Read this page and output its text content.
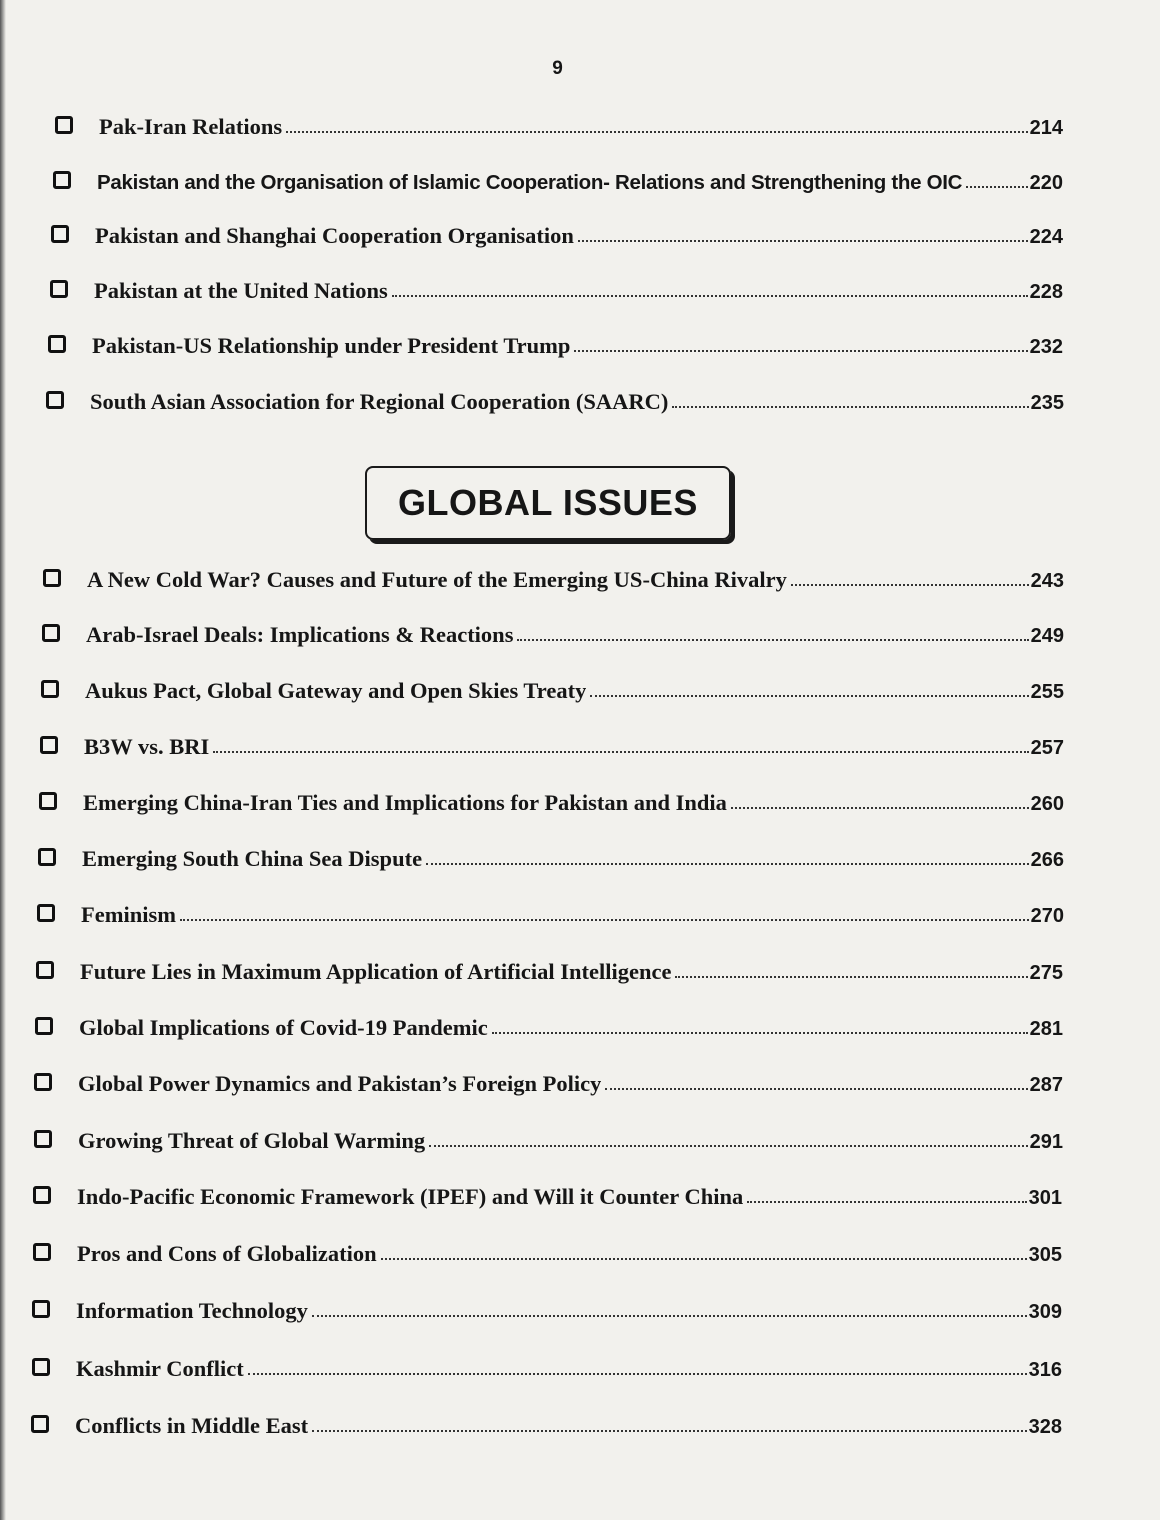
9
Pak-Iran Relations	214
Pakistan and the Organisation of Islamic Cooperation- Relations and Strengthening the OIC	220
Pakistan and Shanghai Cooperation Organisation	224
Pakistan at the United Nations	228
Pakistan-US Relationship under President Trump	232
South Asian Association for Regional Cooperation (SAARC)	235
GLOBAL ISSUES
A New Cold War? Causes and Future of the Emerging US-China Rivalry	243
Arab-Israel Deals: Implications & Reactions	249
Aukus Pact, Global Gateway and Open Skies Treaty	255
B3W vs. BRI	257
Emerging China-Iran Ties and Implications for Pakistan and India	260
Emerging South China Sea Dispute	266
Feminism	270
Future Lies in Maximum Application of Artificial Intelligence	275
Global Implications of Covid-19 Pandemic	281
Global Power Dynamics and Pakistan’s Foreign Policy	287
Growing Threat of Global Warming	291
Indo-Pacific Economic Framework (IPEF) and Will it Counter China	301
Pros and Cons of Globalization	305
Information Technology	309
Kashmir Conflict	316
Conflicts in Middle East	328
